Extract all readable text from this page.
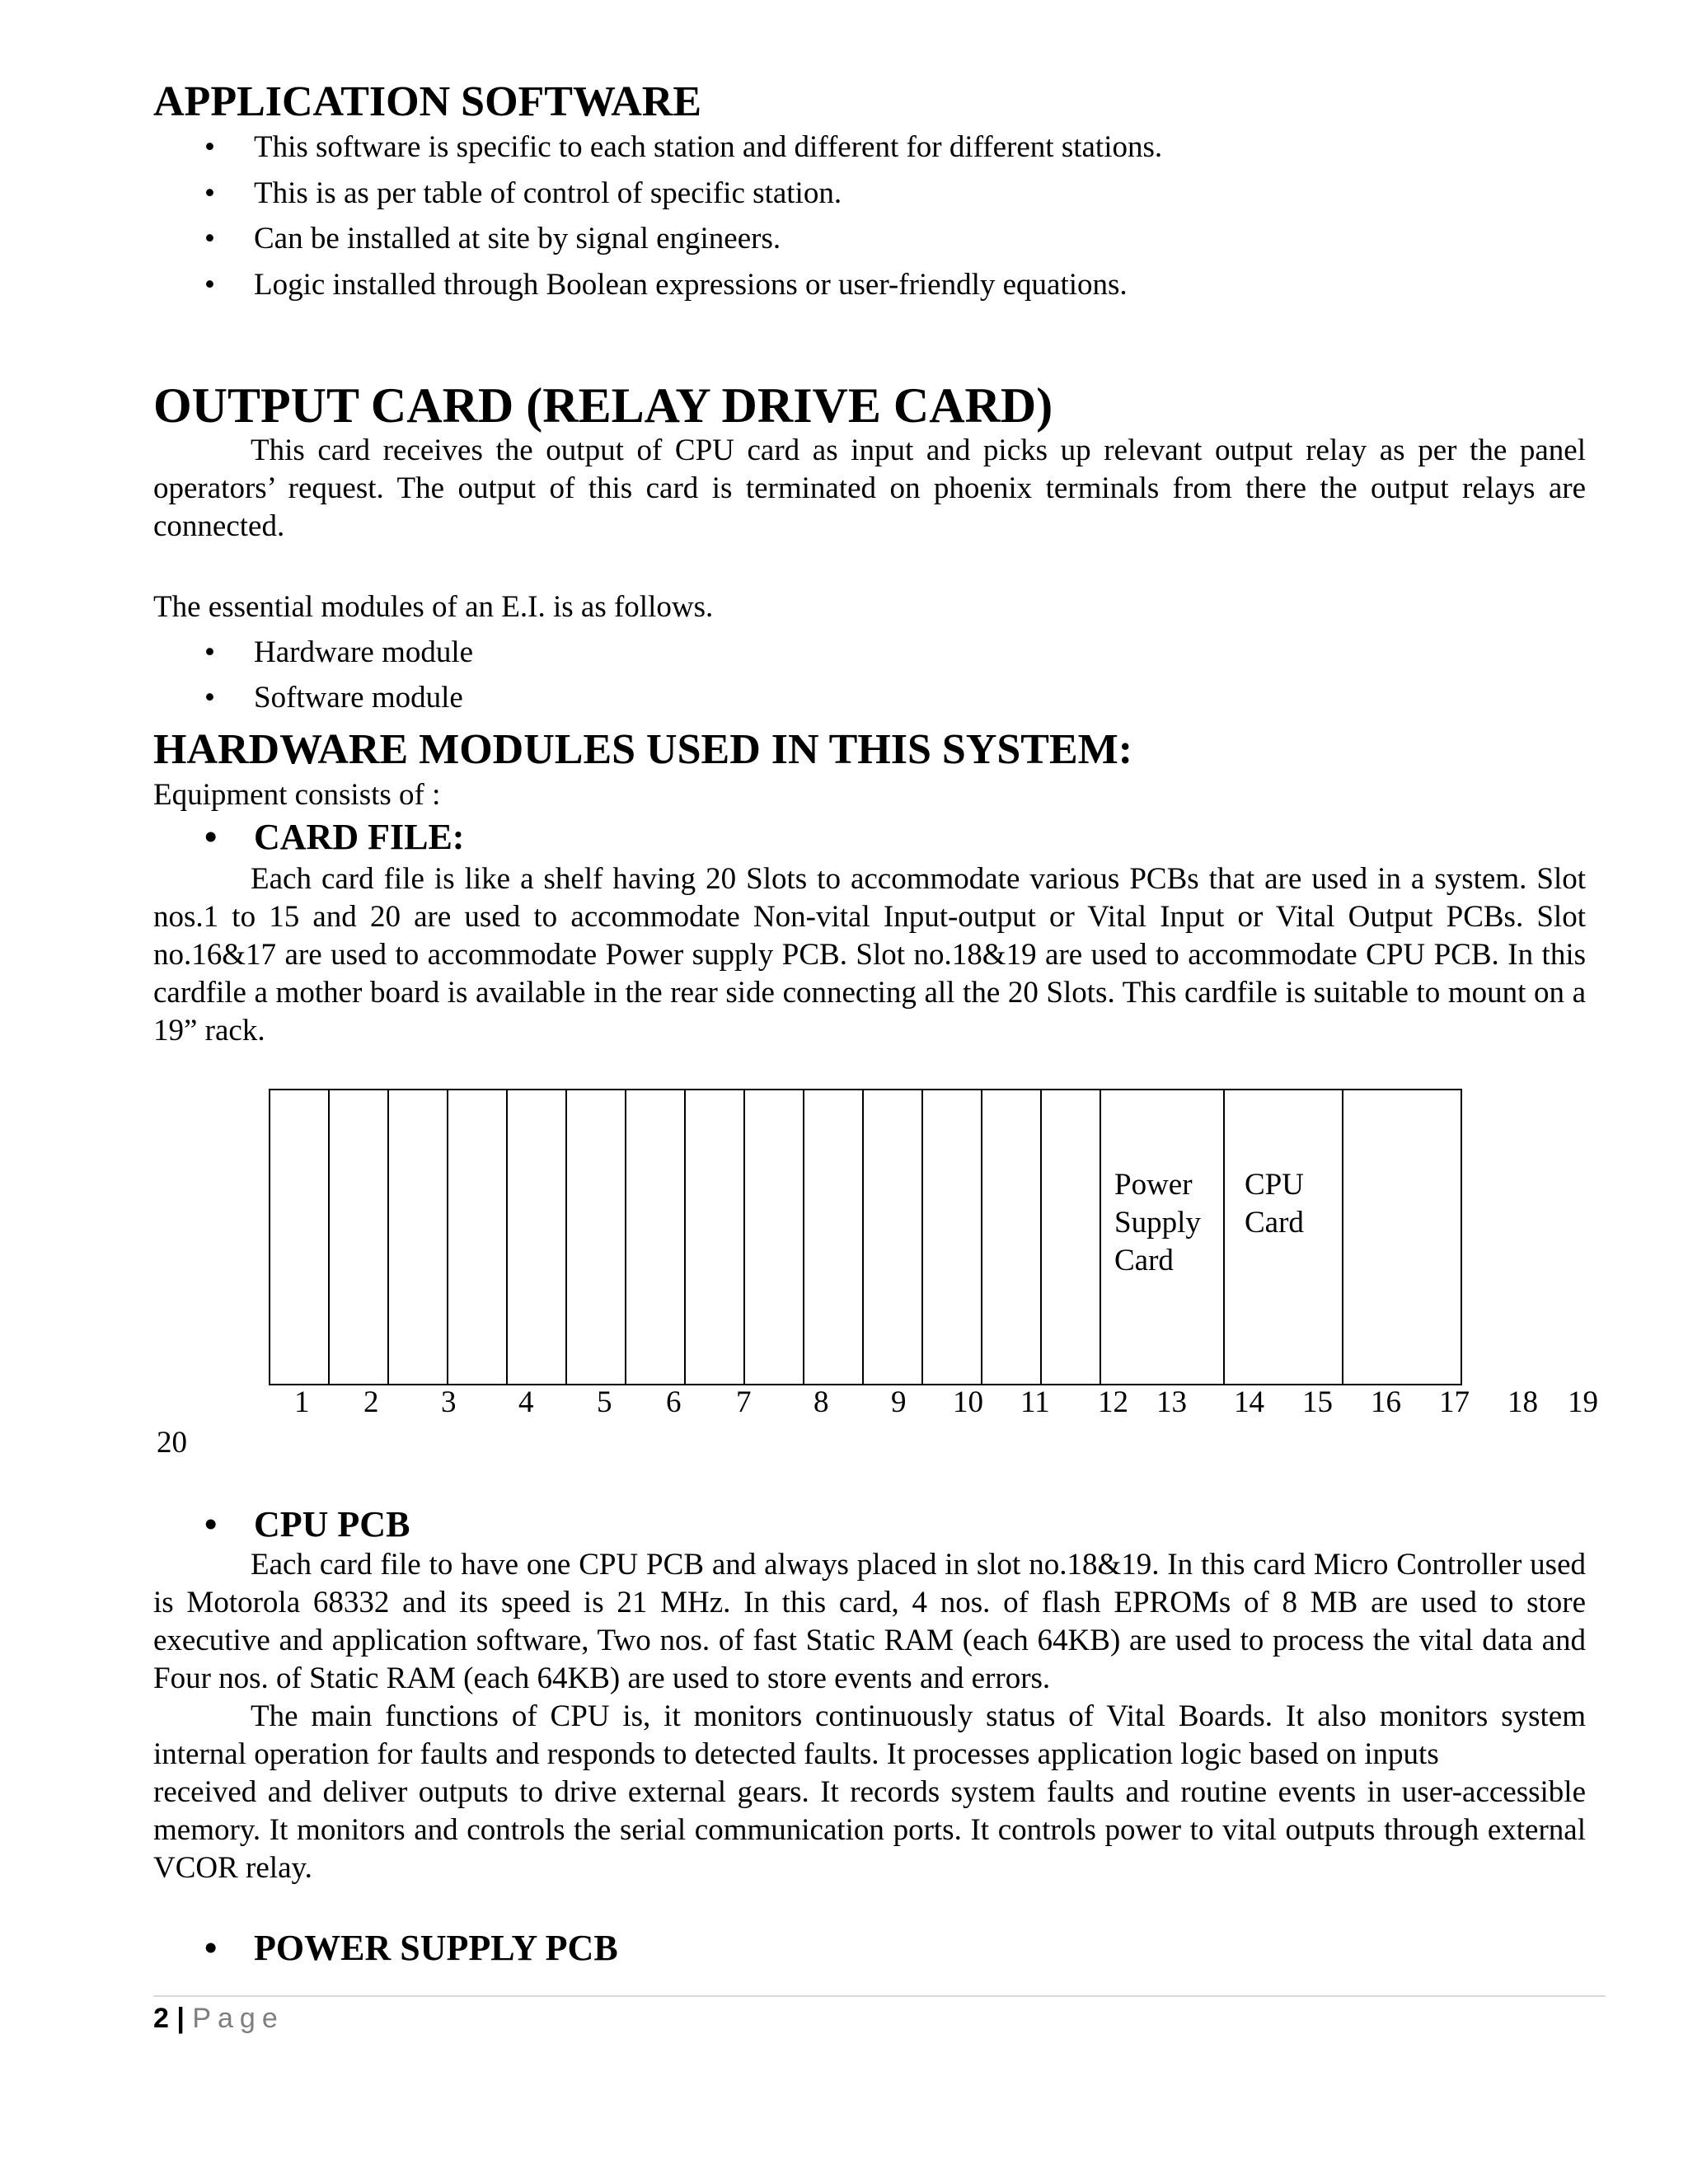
APPLICATION SOFTWARE
• This software is specific to each station and different for different stations.
• This is as per table of control of specific station.
• Can be installed at site by signal engineers.
• Logic installed through Boolean expressions or user-friendly equations.
OUTPUT CARD (RELAY DRIVE CARD)

This card receives the output of CPU card as input and picks up relevant output relay as per the panel operators’ request. The output of this card is terminated on phoenix terminals from there the output relays are connected.

The essential modules of an E.I. is as follows.
• Hardware module
• Software module
HARDWARE MODULES USED IN THIS SYSTEM:
Equipment consists of :
• CARD FILE:

Each card file is like a shelf having 20 Slots to accommodate various PCBs that are used in a system. Slot nos.1 to 15 and 20 are used to accommodate Non-vital Input-output or Vital Input or Vital Output PCBs. Slot no.16&17 are used to accommodate Power supply PCB. Slot no.18&19 are used to accommodate CPU PCB. In this cardfile a mother board is available in the rear side connecting all the 20 Slots. This cardfile is suitable to mount on a 19” rack.

Power
Supply
Card
CPU
Card
1 2 3 4 5 6 7 8 9 10 11 12 13 14 15 16 17 18 19
20
• CPU PCB

Each card file to have one CPU PCB and always placed in slot no.18&19. In this card Micro Controller used is Motorola 68332 and its speed is 21 MHz. In this card, 4 nos. of flash EPROMs of 8 MB are used to store executive and application software, Two nos. of fast Static RAM (each 64KB) are used to process the vital data and Four nos. of Static RAM (each 64KB) are used to store events and errors.

The main functions of CPU is, it monitors continuously status of Vital Boards. It also monitors system internal operation for faults and responds to detected faults. It processes application logic based on inputs

received and deliver outputs to drive external gears. It records system faults and routine events in user-accessible memory. It monitors and controls the serial communication ports. It controls power to vital outputs through external VCOR relay.

• POWER SUPPLY PCB
2 | Page
